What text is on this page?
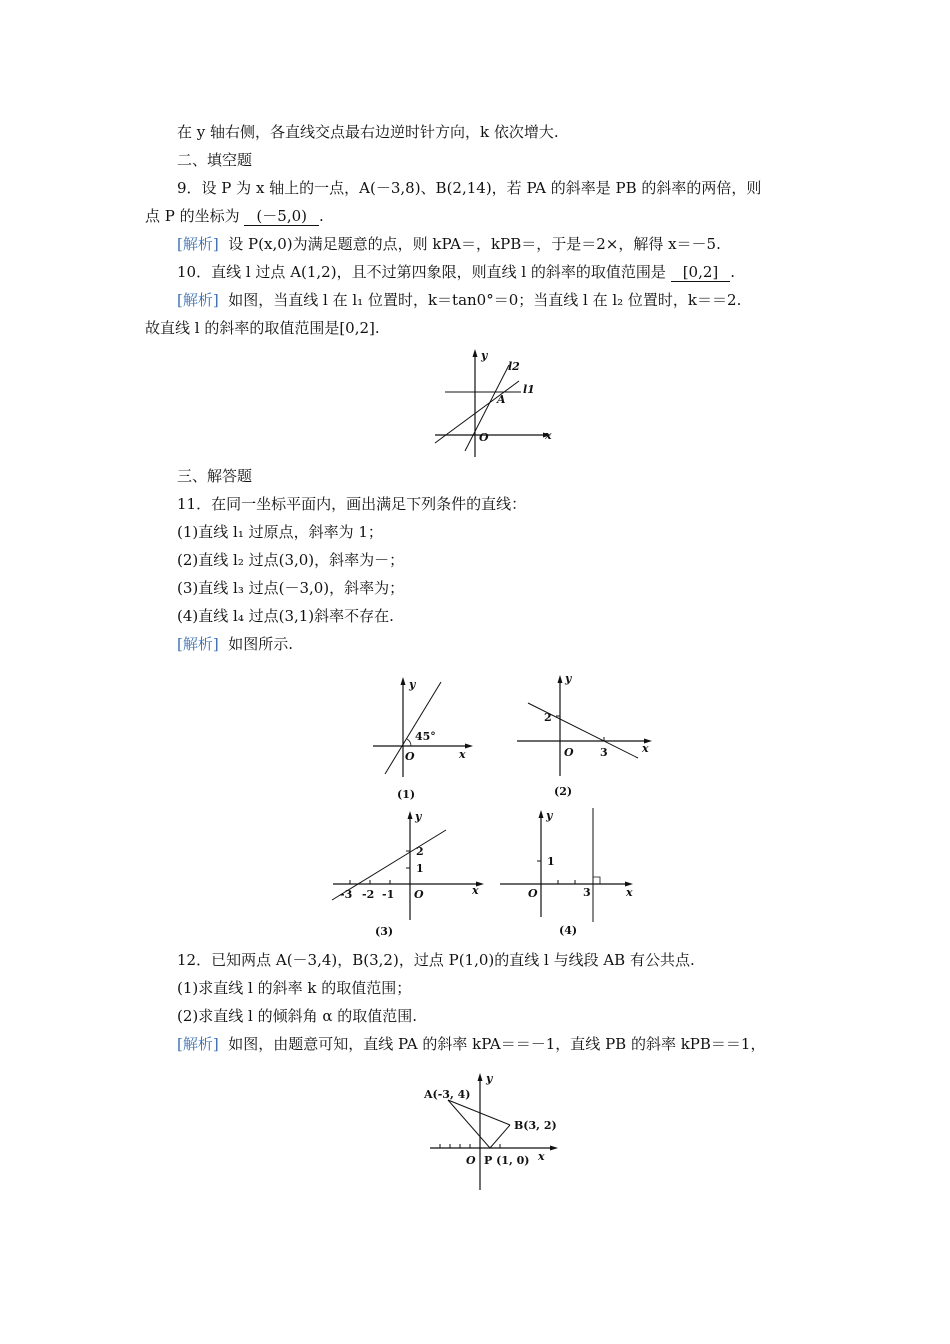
在 y 轴右侧，各直线交点最右边逆时针方向，k 依次增大.
二、填空题
9．设 P 为 x 轴上的一点，A(－3,8)、B(2,14)，若 PA 的斜率是 PB 的斜率的两倍，则
点 P 的坐标为 (－5,0) .
[解析] 设 P(x,0)为满足题意的点，则 kPA＝，kPB＝，于是＝2×，解得 x＝－5.
10．直线 l 过点 A(1,2)，且不过第四象限，则直线 l 的斜率的取值范围是 [0,2] .
[解析] 如图，当直线 l 在 l₁ 位置时，k＝tan0°＝0；当直线 l 在 l₂ 位置时，k＝＝2.
故直线 l 的斜率的取值范围是[0,2].
y
x
O
A
l2
l1
三、解答题
11．在同一坐标平面内，画出满足下列条件的直线：
(1)直线 l₁ 过原点，斜率为 1；
(2)直线 l₂ 过点(3,0)，斜率为－；
(3)直线 l₃ 过点(－3,0)，斜率为；
(4)直线 l₄ 过点(3,1)斜率不存在.
[解析] 如图所示.
y
x
O
45°
(1)
y
x
O
2
3
(2)
y
x
O
2
1
-3 -2 -1
(3)
y
x
O
1
3
(4)
12．已知两点 A(－3,4)，B(3,2)，过点 P(1,0)的直线 l 与线段 AB 有公共点.
(1)求直线 l 的斜率 k 的取值范围；
(2)求直线 l 的倾斜角 α 的取值范围.
[解析] 如图，由题意可知，直线 PA 的斜率 kPA＝＝－1，直线 PB 的斜率 kPB＝＝1，
y
x
O
A(-3, 4)
B(3, 2)
P (1, 0)
